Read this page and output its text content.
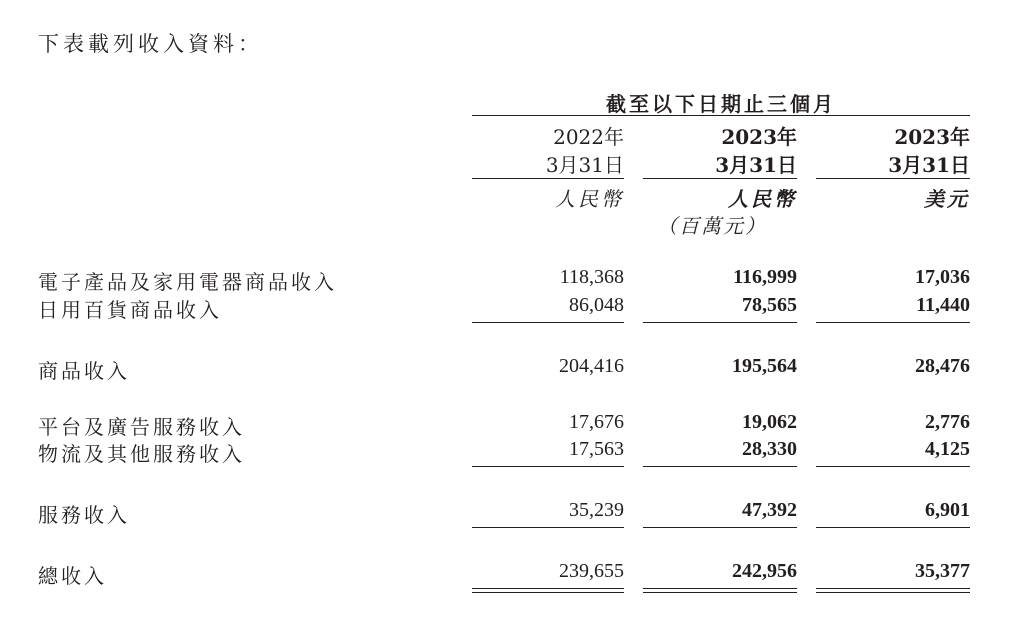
下表載列收入資料：
截至以下日期止三個月
2022年	2023年	2023年
3月31日	3月31日	3月31日
人民幣	人民幣	美元
（百萬元）
電子產品及家用電器商品收入	118,368	116,999	17,036
日用百貨商品收入	86,048	78,565	11,440
商品收入	204,416	195,564	28,476
平台及廣告服務收入	17,676	19,062	2,776
物流及其他服務收入	17,563	28,330	4,125
服務收入	35,239	47,392	6,901
總收入	239,655	242,956	35,377
